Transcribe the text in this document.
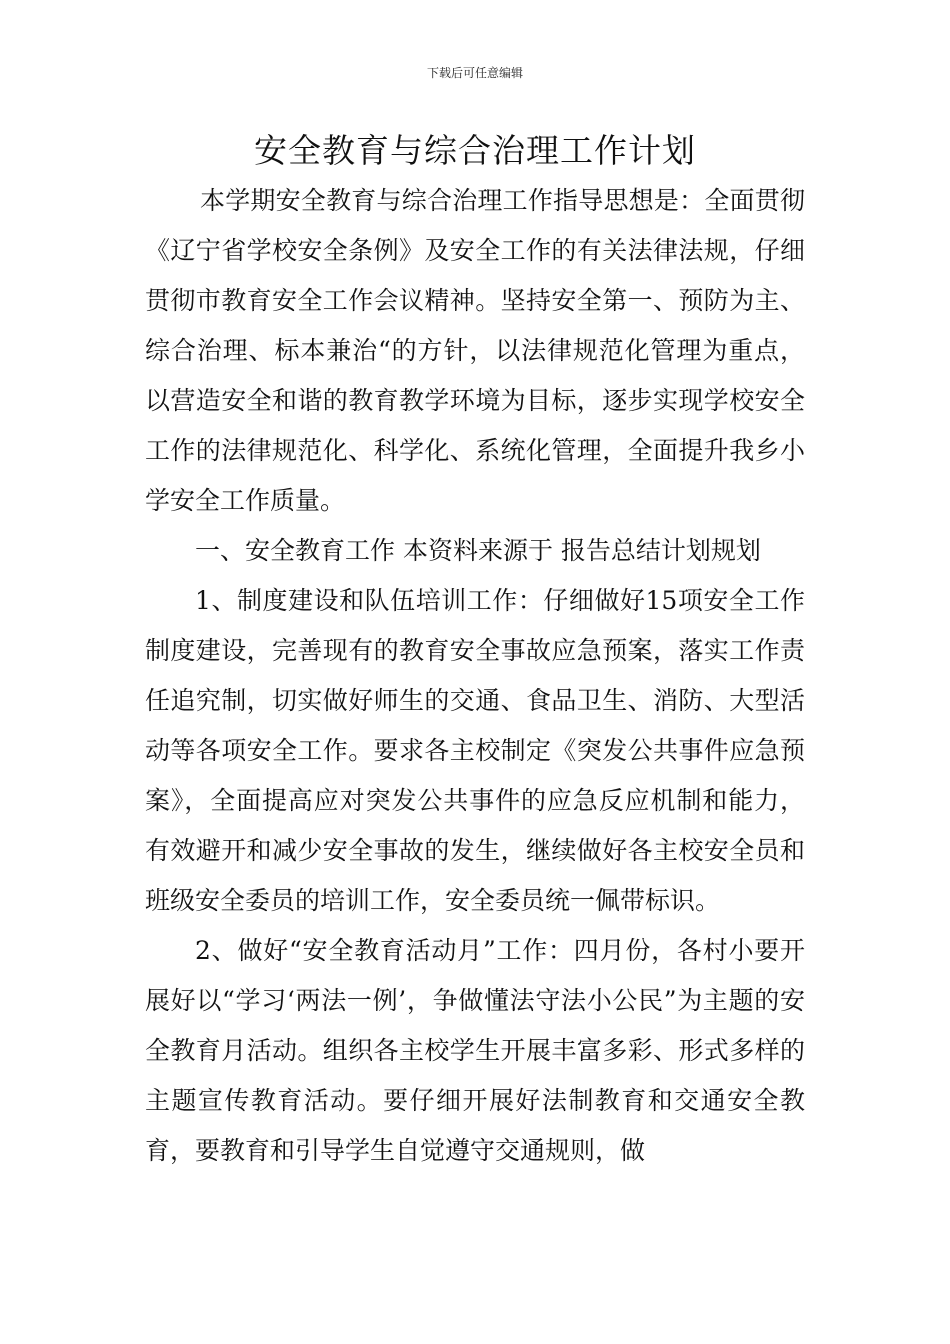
下载后可任意编辑
安全教育与综合治理工作计划

本学期安全教育与综合治理工作指导思想是：全面贯彻《辽宁省学校安全条例》及安全工作的有关法律法规，仔细贯彻市教育安全工作会议精神。坚持安全第一、预防为主、综合治理、标本兼治“的方针，以法律规范化管理为重点，以营造安全和谐的教育教学环境为目标，逐步实现学校安全工作的法律规范化、科学化、系统化管理，全面提升我乡小学安全工作质量。

一、安全教育工作 本资料来源于 报告总结计划规划

1、制度建设和队伍培训工作：仔细做好15项安全工作制度建设，完善现有的教育安全事故应急预案，落实工作责任追究制，切实做好师生的交通、食品卫生、消防、大型活动等各项安全工作。要求各主校制定《突发公共事件应急预案》，全面提高应对突发公共事件的应急反应机制和能力，有效避开和减少安全事故的发生，继续做好各主校安全员和班级安全委员的培训工作，安全委员统一佩带标识。

2、做好“安全教育活动月”工作：四月份，各村小要开展好以“学习‘两法一例’，争做懂法守法小公民”为主题的安全教育月活动。组织各主校学生开展丰富多彩、形式多样的主题宣传教育活动。要仔细开展好法制教育和交通安全教育，要教育和引导学生自觉遵守交通规则，做
